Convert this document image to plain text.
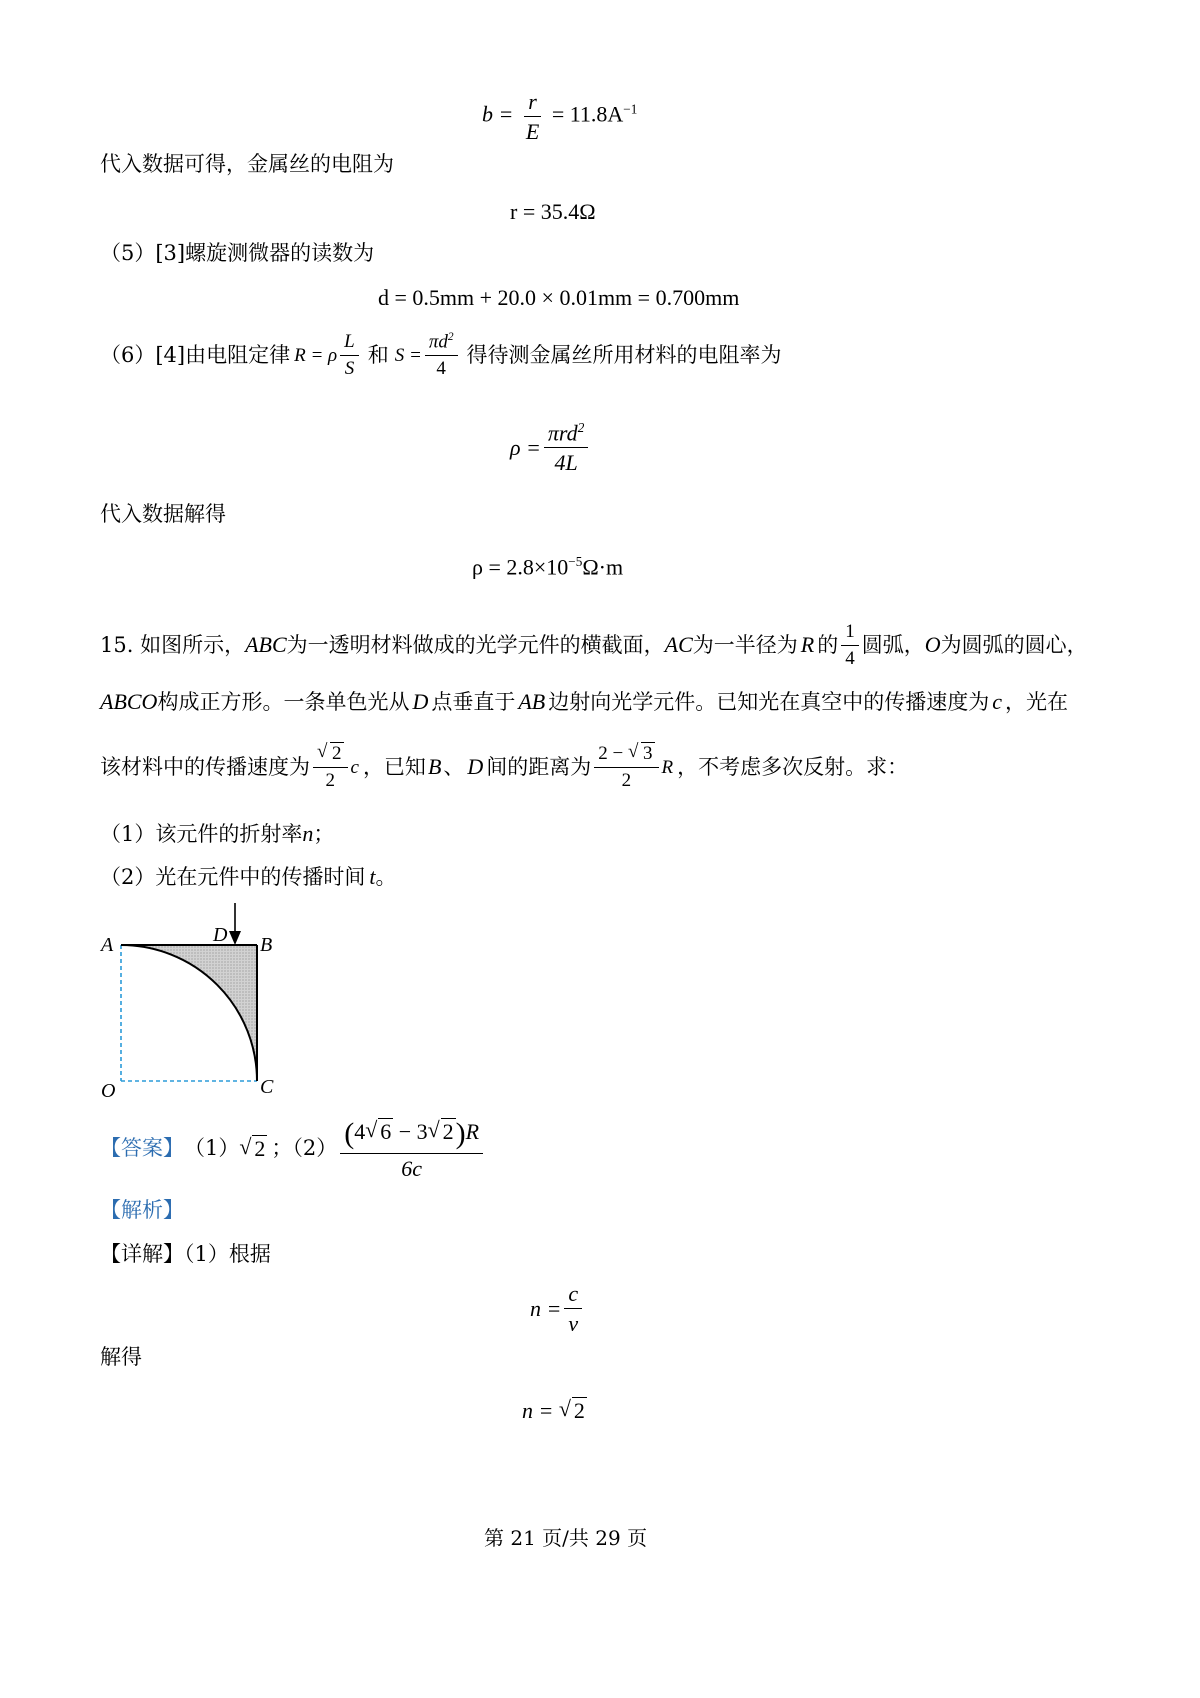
$b = \frac{r}{E} = 11.8A^{-1}$
代入数据可得，金属丝的电阻为
r = 35.4Ω
（5）[3]螺旋测微器的读数为
d = 0.5mm + 20.0 × 0.01mm = 0.700mm
（6）[4]由电阻定律 R = ρ $\frac{L}{S}$ 和 $S = \frac{\pi d^2}{4}$ 得待测金属丝所用材料的电阻率为
$\rho = \frac{\pi rd^2}{4L}$
代入数据解得
$\rho = 2.8\times 10^{-5}\Omega\cdot m$
15. 如图所示， ABC 为一透明材料做成的光学元件的横截面， AC 为一半径为 R 的 $\frac{1}{4}$ 圆弧， O 为圆弧的圆心，
ABCO 构成正方形。一条单色光从 D 点垂直于 AB 边射向光学元件。已知光在真空中的传播速度为 c ，光在
该材料中的传播速度为 √ $\frac{2}{2}$ c ，已知 B 、 D 间的距离为 $\frac{2 - √ 3}{2}$ R ，不考虑多次反射。求：
（1）该元件的折射率n；
（2）光在元件中的传播时间 t。
A	D B
O	C
【答案】 （1） √ 2 ；$(2) \frac{(4 √ 6 - 3 √ 2)R}{6c}$
【解析】
【详解】（1）根据
$n = \frac{c}{v}$
解得
n = √ 2
第 21 页/共 29 页
